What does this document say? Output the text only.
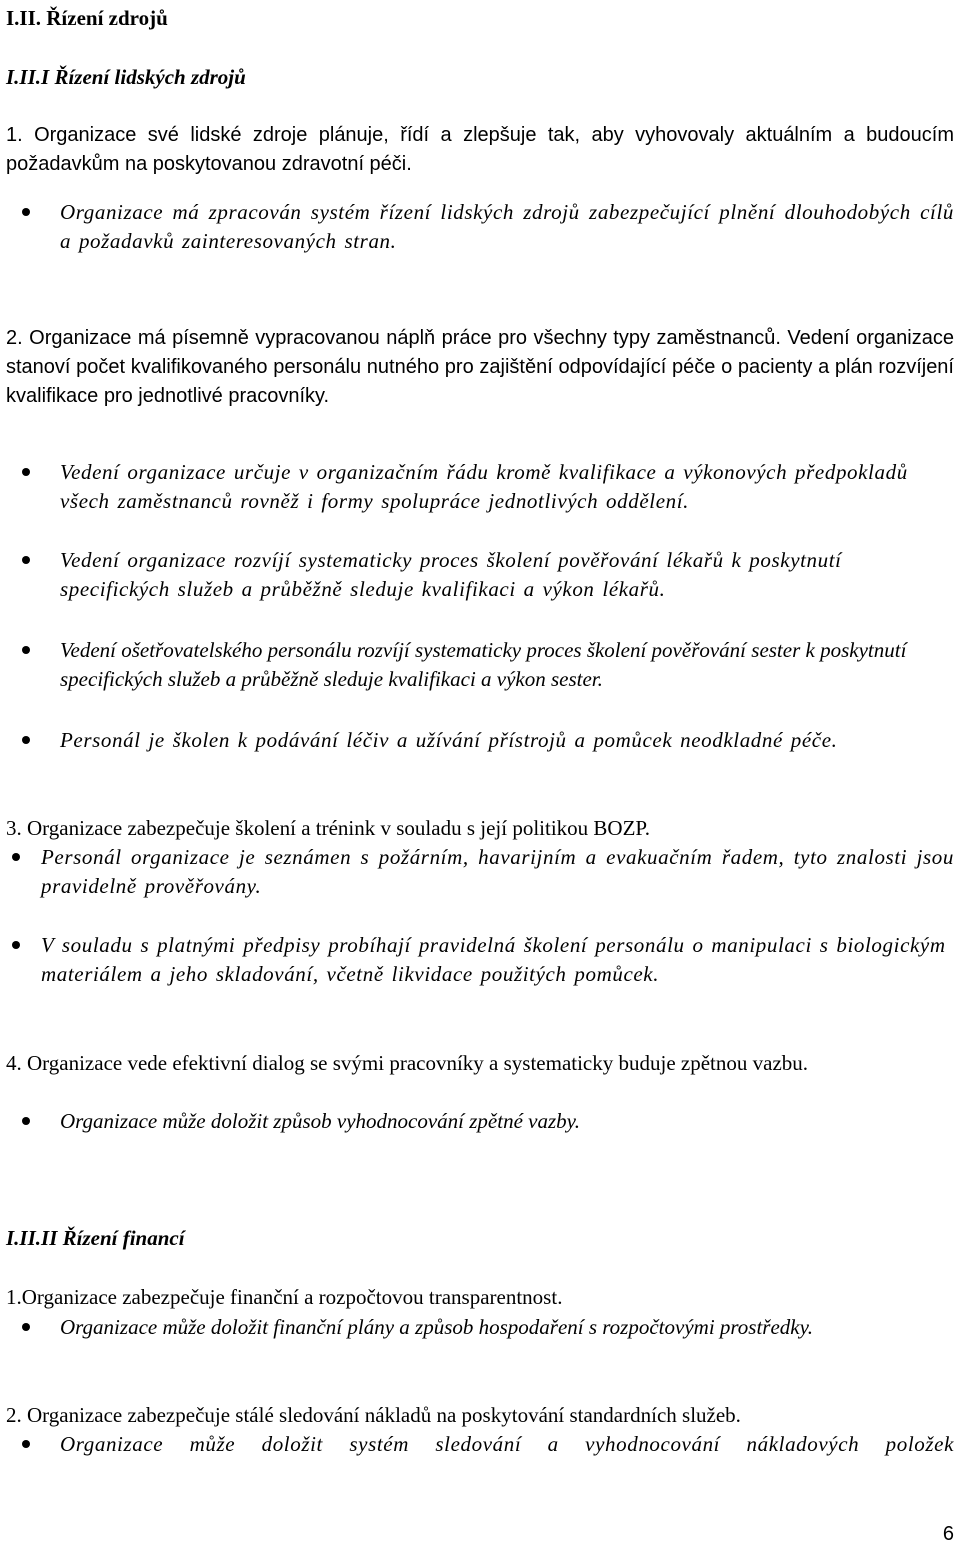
I.II. Řízení zdrojů
I.II.I Řízení lidských zdrojů
1. Organizace své lidské zdroje plánuje, řídí a zlepšuje tak, aby vyhovovaly aktuálním a budoucím požadavkům na poskytovanou zdravotní péči.
Organizace má zpracován systém řízení lidských zdrojů zabezpečující plnění dlouhodobých cílů a požadavků zainteresovaných stran.
2. Organizace má písemně vypracovanou náplň práce pro všechny typy zaměstnanců. Vedení organizace stanoví počet kvalifikovaného personálu nutného pro zajištění odpovídající péče o pacienty a plán rozvíjení kvalifikace pro jednotlivé pracovníky.
Vedení organizace určuje v organizačním řádu kromě kvalifikace a výkonových předpokladů všech zaměstnanců rovněž i formy spolupráce jednotlivých oddělení.
Vedení organizace rozvíjí systematicky proces školení pověřování lékařů k poskytnutí specifických služeb a průběžně sleduje kvalifikaci a výkon lékařů.
Vedení ošetřovatelského personálu rozvíjí systematicky proces školení pověřování sester k poskytnutí specifických služeb a průběžně sleduje kvalifikaci a výkon sester.
Personál je školen k podávání léčiv a užívání přístrojů a pomůcek neodkladné péče.
3. Organizace zabezpečuje školení a trénink v souladu s její politikou BOZP.
Personál organizace je seznámen s požárním, havarijním a evakuačním řadem, tyto znalosti jsou pravidelně prověřovány.
V souladu s platnými předpisy probíhají pravidelná školení personálu o manipulaci s biologickým materiálem a jeho skladování, včetně likvidace použitých pomůcek.
4. Organizace vede efektivní dialog se svými pracovníky a systematicky buduje zpětnou vazbu.
Organizace může doložit způsob vyhodnocování zpětné vazby.
I.II.II Řízení financí
1.Organizace zabezpečuje finanční a rozpočtovou transparentnost.
Organizace může doložit finanční plány a způsob hospodaření s rozpočtovými prostředky.
2. Organizace zabezpečuje stálé sledování nákladů na poskytování standardních služeb.
Organizace může doložit systém sledování a vyhodnocování nákladových položek
6
